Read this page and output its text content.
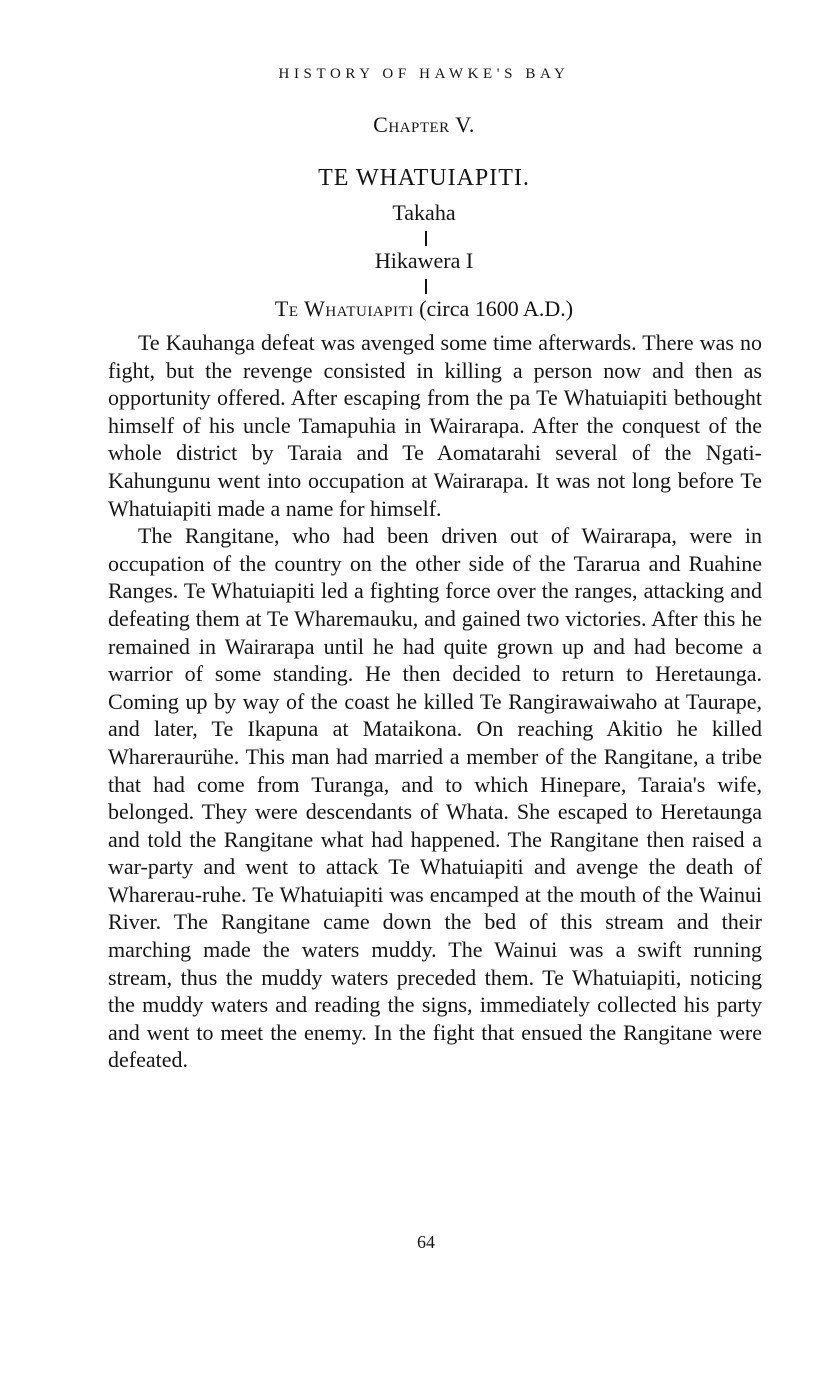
HISTORY OF HAWKE'S BAY
Chapter V.
TE WHATUIAPITI.
Takaha
Hikawera I
Te Whatuiapiti (circa 1600 A.D.)

Te Kauhanga defeat was avenged some time afterwards. There was no fight, but the revenge consisted in killing a person now and then as opportunity offered. After escaping from the pa Te Whatuiapiti bethought himself of his uncle Tamapuhia in Wairarapa. After the conquest of the whole district by Taraia and Te Aomatarahi several of the Ngati-Kahungunu went into occupation at Wairarapa. It was not long before Te Whatuiapiti made a name for himself.

The Rangitane, who had been driven out of Wairarapa, were in occupation of the country on the other side of the Tararua and Ruahine Ranges. Te Whatuiapiti led a fighting force over the ranges, attacking and defeating them at Te Wharemauku, and gained two victories. After this he remained in Wairarapa until he had quite grown up and had become a warrior of some standing. He then decided to return to Heretaunga. Coming up by way of the coast he killed Te Rangirawaiwaho at Taurape, and later, Te Ikapuna at Mataikona. On reaching Akitio he killed Whareraurühe. This man had married a member of the Rangitane, a tribe that had come from Turanga, and to which Hinepare, Taraia's wife, belonged. They were descendants of Whata. She escaped to Heretaunga and told the Rangitane what had happened. The Rangitane then raised a war-party and went to attack Te Whatuiapiti and avenge the death of Wharerau-ruhe. Te Whatuiapiti was encamped at the mouth of the Wainui River. The Rangitane came down the bed of this stream and their marching made the waters muddy. The Wainui was a swift running stream, thus the muddy waters preceded them. Te Whatuiapiti, noticing the muddy waters and reading the signs, immediately collected his party and went to meet the enemy. In the fight that ensued the Rangitane were defeated.

64
